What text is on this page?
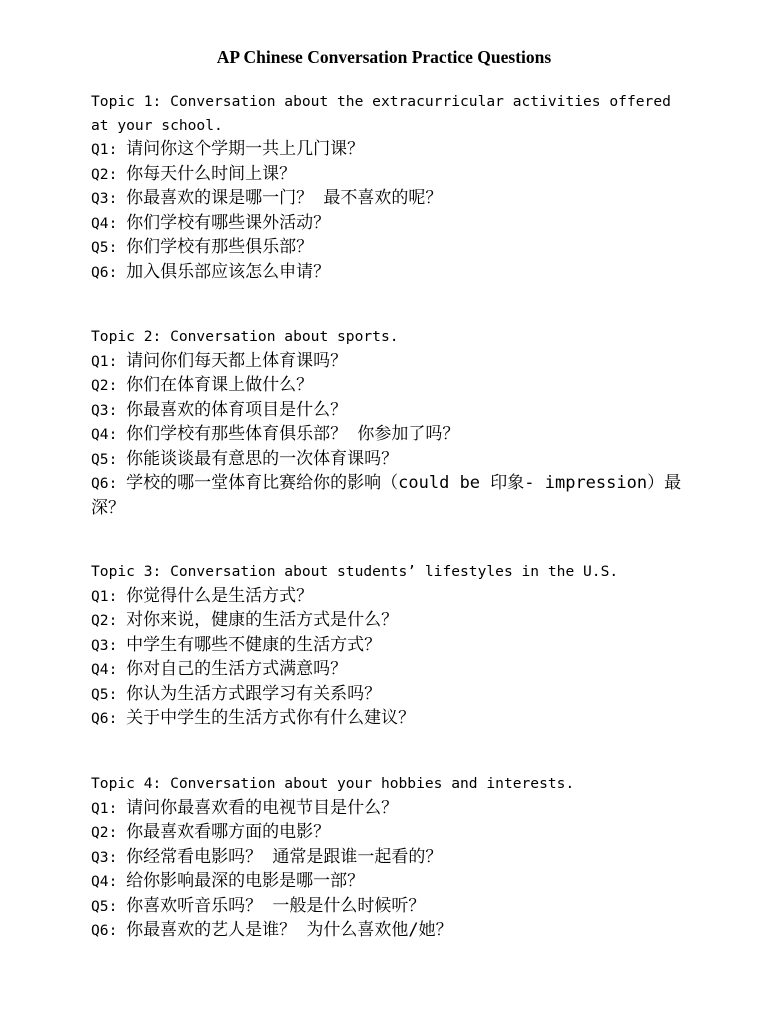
AP Chinese Conversation Practice Questions
Topic 1: Conversation about the extracurricular activities offered at your school.
Q1: 请问你这个学期一共上几门课？
Q2: 你每天什么时间上课？
Q3: 你最喜欢的课是哪一门？ 最不喜欢的呢？
Q4: 你们学校有哪些课外活动？
Q5: 你们学校有那些俱乐部？
Q6: 加入俱乐部应该怎么申请？
Topic 2: Conversation about sports.
Q1: 请问你们每天都上体育课吗？
Q2: 你们在体育课上做什么？
Q3: 你最喜欢的体育项目是什么？
Q4: 你们学校有那些体育俱乐部？ 你参加了吗？
Q5: 你能谈谈最有意思的一次体育课吗？
Q6: 学校的哪一堂体育比赛给你的影响（could be 印象- impression）最深？
Topic 3: Conversation about students’ lifestyles in the U.S.
Q1: 你觉得什么是生活方式？
Q2: 对你来说，健康的生活方式是什么？
Q3: 中学生有哪些不健康的生活方式？
Q4: 你对自己的生活方式满意吗？
Q5: 你认为生活方式跟学习有关系吗？
Q6: 关于中学生的生活方式你有什么建议？
Topic 4: Conversation about your hobbies and interests.
Q1: 请问你最喜欢看的电视节目是什么？
Q2: 你最喜欢看哪方面的电影？
Q3: 你经常看电影吗？ 通常是跟谁一起看的？
Q4: 给你影响最深的电影是哪一部？
Q5: 你喜欢听音乐吗？ 一般是什么时候听？
Q6: 你最喜欢的艺人是谁？ 为什么喜欢他/她？
